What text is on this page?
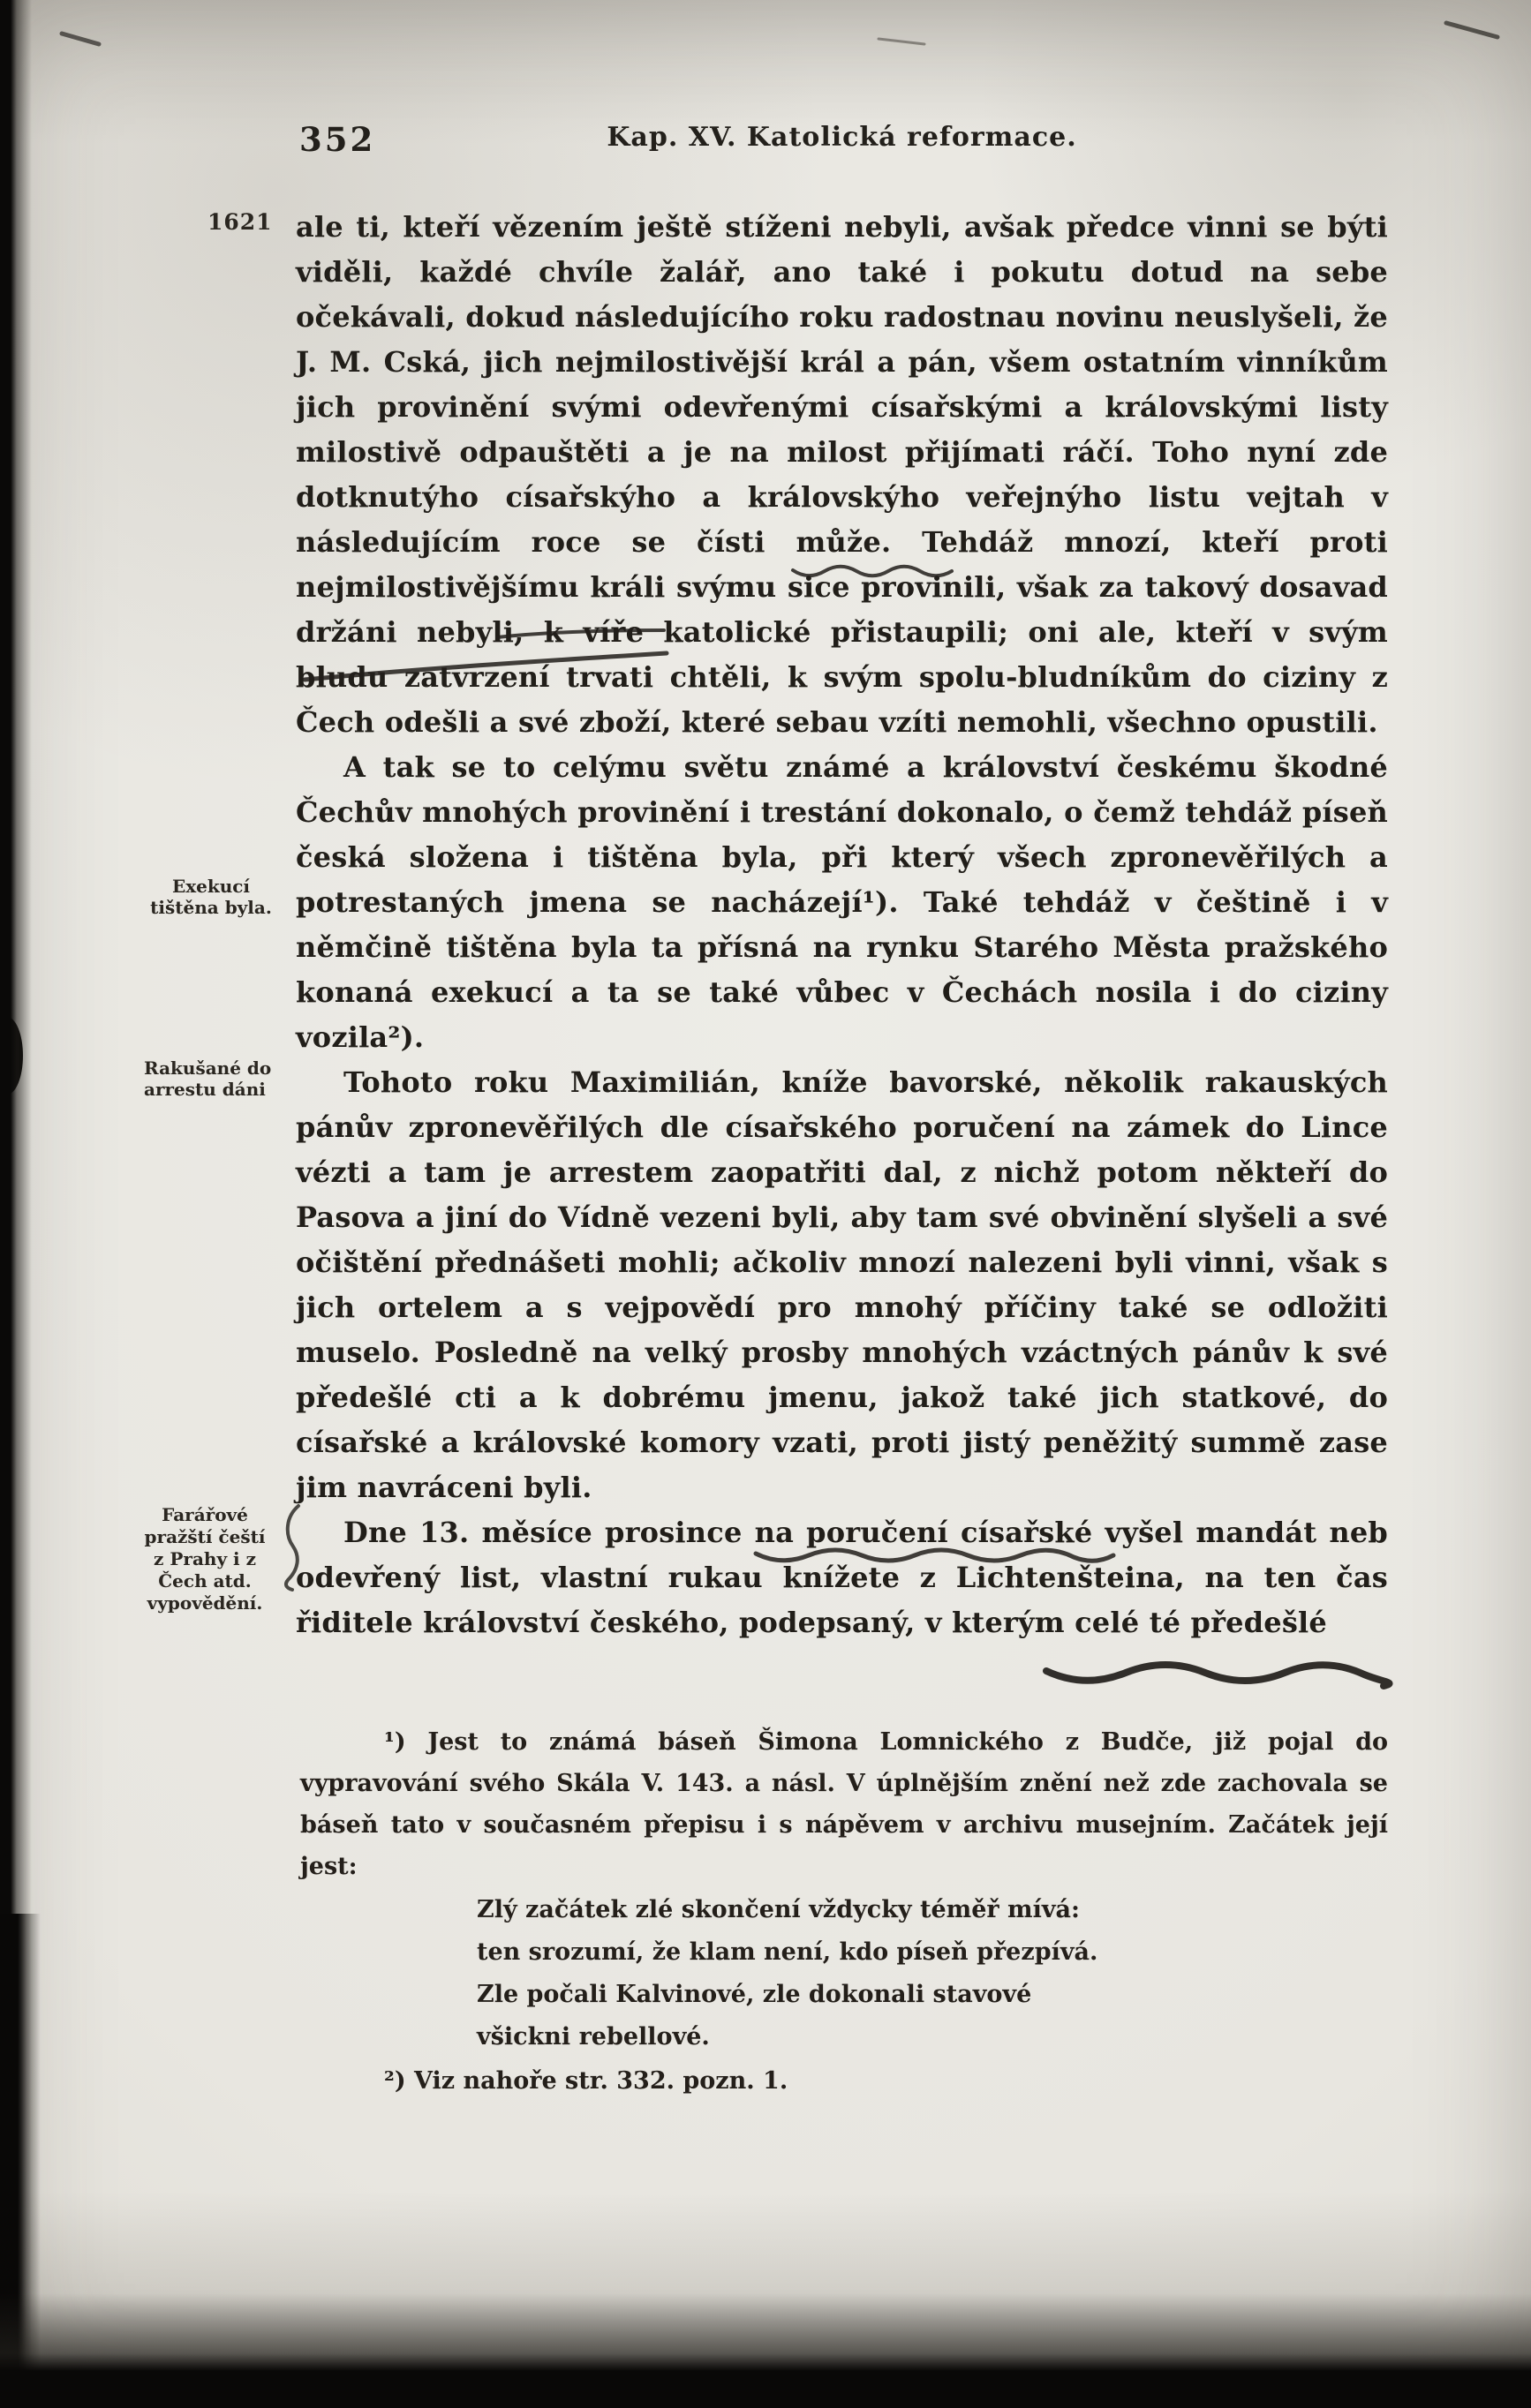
352	Kap. XV. Katolická reformace.
1621
Exekucí tištěna byla.
Rakušané do arrestu dáni
Farářové pražští čeští z Prahy i z Čech atd. vypovědění.

ale ti, kteří vězením ještě stíženi nebyli, avšak předce vinni se býti viděli, každé chvíle žalář, ano také i pokutu dotud na sebe očekávali, dokud následujícího roku radostnau novinu neuslyšeli, že J. M. Cská, jich nejmilostivější král a pán, všem ostatním vinníkům jich provinění svými odevřenými císařskými a královskými listy milostivě odpauštěti a je na milost přijímati ráčí. Toho nyní zde dotknutýho císařskýho a královskýho veřejnýho listu vejtah v následujícím roce se čísti může. Tehdáž mnozí, kteří proti nejmilostivějšímu králi svýmu sice provinili, však za takový dosavad držáni nebyli, k víře katolické přistaupili; oni ale, kteří v svým bludu zatvrzení trvati chtěli, k svým spolu-bludníkům do ciziny z Čech odešli a své zboží, které sebau vzíti nemohli, všechno opustili.

A tak se to celýmu světu známé a království českému škodné Čechův mnohých provinění i trestání dokonalo, o čemž tehdáž píseň česká složena i tištěna byla, při který všech zpronevěřilých a potrestaných jmena se nacházejí¹). Také tehdáž v češtině i v němčině tištěna byla ta přísná na rynku Starého Města pražského konaná exekucí a ta se také vůbec v Čechách nosila i do ciziny vozila²).

Tohoto roku Maximilián, kníže bavorské, několik rakauských pánův zpronevěřilých dle císařského poručení na zámek do Lince vézti a tam je arrestem zaopatřiti dal, z nichž potom někteří do Pasova a jiní do Vídně vezeni byli, aby tam své obvinění slyšeli a své očištění přednášeti mohli; ačkoliv mnozí nalezeni byli vinni, však s jich ortelem a s vejpovědí pro mnohý příčiny také se odložiti muselo. Posledně na velký prosby mnohých vzáctných pánův k své předešlé cti a k dobrému jmenu, jakož také jich statkové, do císařské a královské komory vzati, proti jistý peněžitý summě zase jim navráceni byli.

Dne 13. měsíce prosince na poručení císařské vyšel mandát neb odevřený list, vlastní rukau knížete z Lichtenšteina, na ten čas řiditele království českého, podepsaný, v kterým celé té předešlé

¹) Jest to známá báseň Šimona Lomnického z Budče, již pojal do vypravování svého Skála V. 143. a násl. V úplnějším znění než zde zachovala se báseň tato v současném přepisu i s nápěvem v archivu musejním. Začátek její jest:

Zlý začátek zlé skončení vždycky téměř mívá:
ten srozumí, že klam není, kdo píseň přezpívá.
Zle počali Kalvinové, zle dokonali stavové
všickni rebellové.

²) Viz nahoře str. 332. pozn. 1.
